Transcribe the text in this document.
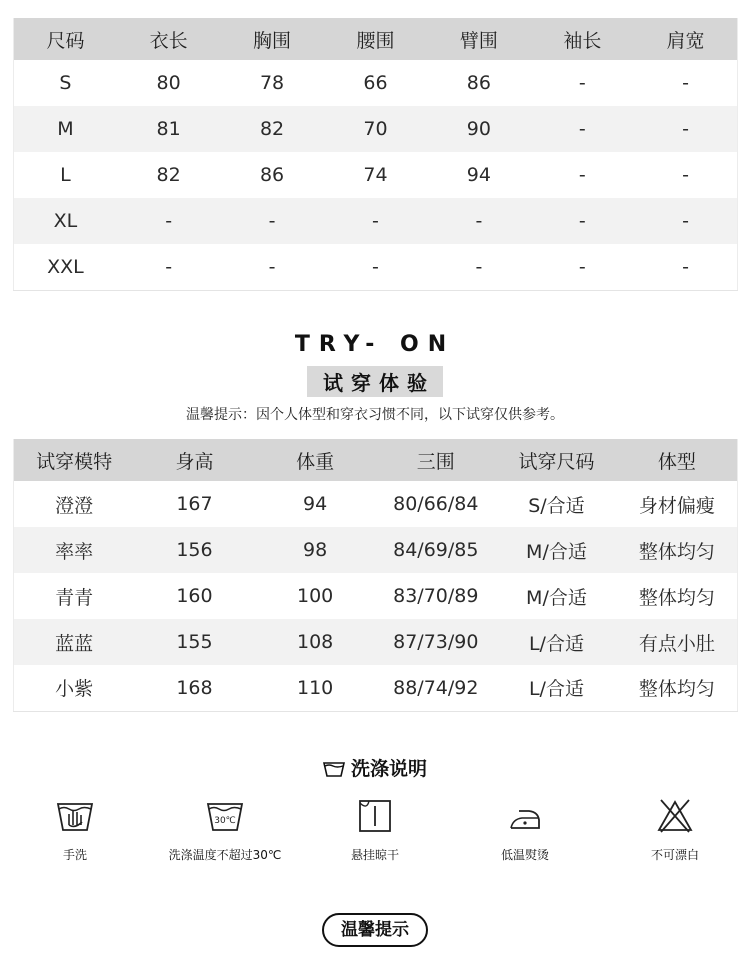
尺码	衣长	胸围	腰围	臂围	袖长	肩宽
S	80	78	66	86	-	-
M	81	82	70	90	-	-
L	82	86	74	94	-	-
XL	-	-	-	-	-	-
XXL	-	-	-	-	-	-
TRY- ON
试穿体验
温馨提示：因个人体型和穿衣习惯不同，以下试穿仅供参考。
试穿模特	身高	体重	三围	试穿尺码	体型
澄澄	167	94	80/66/84	S/合适	身材偏瘦
率率	156	98	84/69/85	M/合适	整体均匀
青青	160	100	83/70/89	M/合适	整体均匀
蓝蓝	155	108	87/73/90	L/合适	有点小肚
小紫	168	110	88/74/92	L/合适	整体均匀
洗涤说明
手洗
30℃
洗涤温度不超过30℃	悬挂晾干	低温熨烫	不可漂白
温馨提示
